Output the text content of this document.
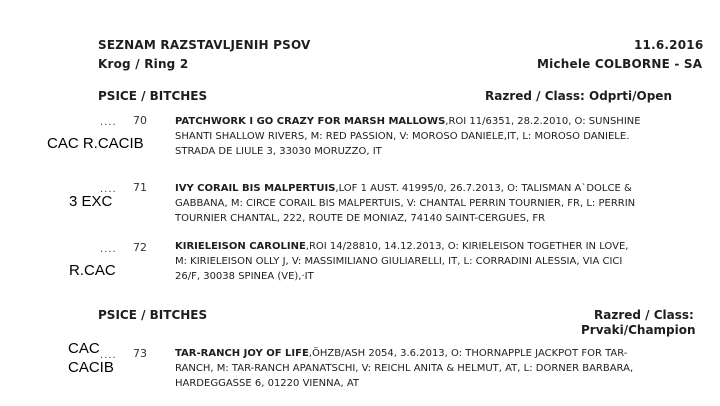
SEZNAM RAZSTAVLJENIH PSOV
Krog / Ring 2
11.6.2016
Michele COLBORNE - SA
PSICE / BITCHES	Razred / Class: Odprti/Open
.... 70
CAC R.CACIB
PATCHWORK I GO CRAZY FOR MARSH MALLOWS,ROI 11/6351, 28.2.2010, O: SUNSHINE
SHANTI SHALLOW RIVERS, M: RED PASSION, V: MOROSO DANIELE,IT, L: MOROSO DANIELE.
STRADA DE LIULE 3, 33030 MORUZZO, IT
.... 71
3 EXC
IVY CORAIL BIS MALPERTUIS,LOF 1 AUST. 41995/0, 26.7.2013, O: TALISMAN A`DOLCE &
GABBANA, M: CIRCE CORAIL BIS MALPERTUIS, V: CHANTAL PERRIN TOURNIER, FR, L: PERRIN
TOURNIER CHANTAL, 222, ROUTE DE MONIAZ, 74140 SAINT-CERGUES, FR
.... 72
R.CAC
KIRIELEISON CAROLINE,ROI 14/28810, 14.12.2013, O: KIRIELEISON TOGETHER IN LOVE,
M: KIRIELEISON OLLY J, V: MASSIMILIANO GIULIARELLI, IT, L: CORRADINI ALESSIA, VIA CICI
26/F, 30038 SPINEA (VE),·IT
PSICE / BITCHES	Razred / Class:
Prvaki/Champion
.... 73
CAC
CACIB
TAR-RANCH JOY OF LIFE,ÖHZB/ASH 2054, 3.6.2013, O: THORNAPPLE JACKPOT FOR TAR-
RANCH, M: TAR-RANCH APANATSCHI, V: REICHL ANITA & HELMUT, AT, L: DORNER BARBARA,
HARDEGGASSE 6, 01220 VIENNA, AT
